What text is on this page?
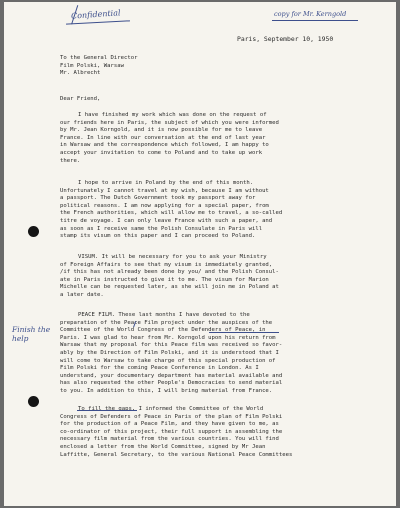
Confidential	copy for Mr. Kerngold
Finish the help
Paris, September 10, 1950
To the General Director
Film Polski, Warsaw
Mr. Albrecht
Dear Friend,
I have finished my work which was done on the request of
our friends here in Paris, the subject of which you were informed
by Mr. Jean Korngold, and it is now possible for me to leave
France. In line with our conversation at the end of last year
in Warsaw and the correspondence which followed, I am happy to
accept your invitation to come to Poland and to take up work
there.
I hope to arrive in Poland by the end of this month.
Unfortunately I cannot travel at my wish, because I am without
a passport. The Dutch Government took my passport away for
political reasons. I am now applying for a special paper, from
the French authorities, which will allow me to travel, a so-called
titre de voyage. I can only leave France with such a paper, and
as soon as I receive same the Polish Consulate in Paris will
stamp its visum on this paper and I can proceed to Poland.
VISUM. It will be necessary for you to ask your Ministry
of Foreign Affairs to see that my visum is immediately granted,
/if this has not already been done by you/ and the Polish Consul-
ate in Paris instructed to give it to me. The visum for Marion
Michelle can be requested later, as she will join me in Poland at
a later date.
PEACE FILM. These last months I have devoted to the
preparation of the Peace Film project under the auspices of the
Committee of the World Congress of the Defenders of Peace, in
Paris. I was glad to hear from Mr. Korngold upon his return from
Warsaw that my proposal for this Peace film was received so favor-
ably by the Direction of Film Polski, and it is understood that I
will come to Warsaw to take charge of this special production of
Film Polski for the coming Peace Conference in London. As I
understand, your documentary department has material available and
has also requested the other People's Democracies to send material
to you. In addition to this, I will bring material from France.
To fill the gaps, I informed the Committee of the World
Congress of Defenders of Peace in Paris of the plan of Film Polski
for the production of a Peace Film, and they have given to me, as
co-ordinator of this project, their full support in assembling the
necessary film material from the various countries. You will find
enclosed a letter from the World Committee, signed by Mr Jean
Laffitte, General Secretary, to the various National Peace Committees
